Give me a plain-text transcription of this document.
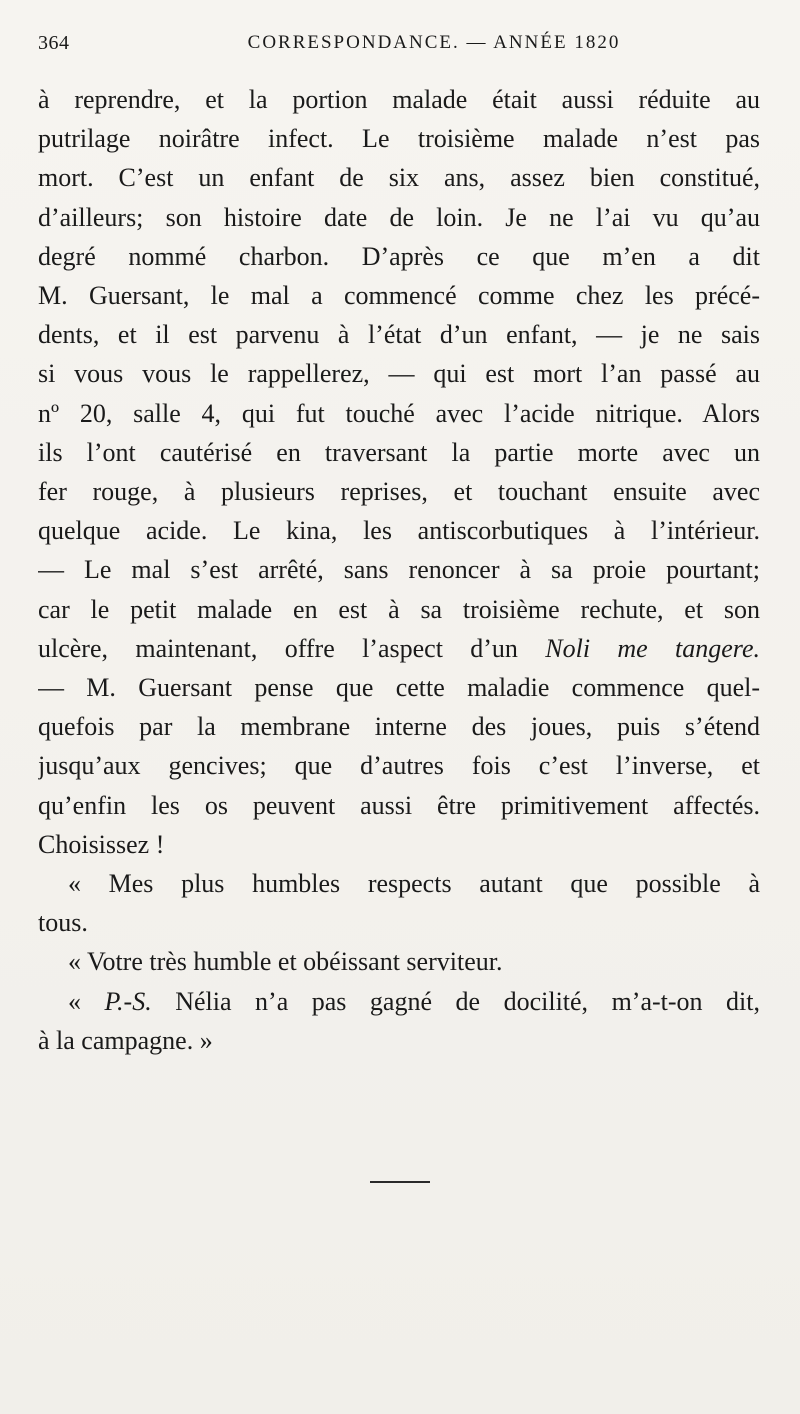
364	CORRESPONDANCE. — ANNÉE 1820

à reprendre, et la portion malade était aussi réduite au
putrilage noirâtre infect. Le troisième malade n’est pas
mort. C’est un enfant de six ans, assez bien constitué,
d’ailleurs; son histoire date de loin. Je ne l’ai vu qu’au
degré nommé charbon. D’après ce que m’en a dit
M. Guersant, le mal a commencé comme chez les précé-
dents, et il est parvenu à l’état d’un enfant, — je ne sais
si vous vous le rappellerez, — qui est mort l’an passé au
nº 20, salle 4, qui fut touché avec l’acide nitrique. Alors
ils l’ont cautérisé en traversant la partie morte avec un
fer rouge, à plusieurs reprises, et touchant ensuite avec
quelque acide. Le kina, les antiscorbutiques à l’intérieur.
— Le mal s’est arrêté, sans renoncer à sa proie pourtant;
car le petit malade en est à sa troisième rechute, et son
ulcère, maintenant, offre l’aspect d’un Noli me tangere.
— M. Guersant pense que cette maladie commence quel-
quefois par la membrane interne des joues, puis s’étend
jusqu’aux gencives; que d’autres fois c’est l’inverse, et
qu’enfin les os peuvent aussi être primitivement affectés.
Choisissez !

« Mes plus humbles respects autant que possible à
tous.

« Votre très humble et obéissant serviteur.

« P.-S. Nélia n’a pas gagné de docilité, m’a-t-on dit,
à la campagne. »
